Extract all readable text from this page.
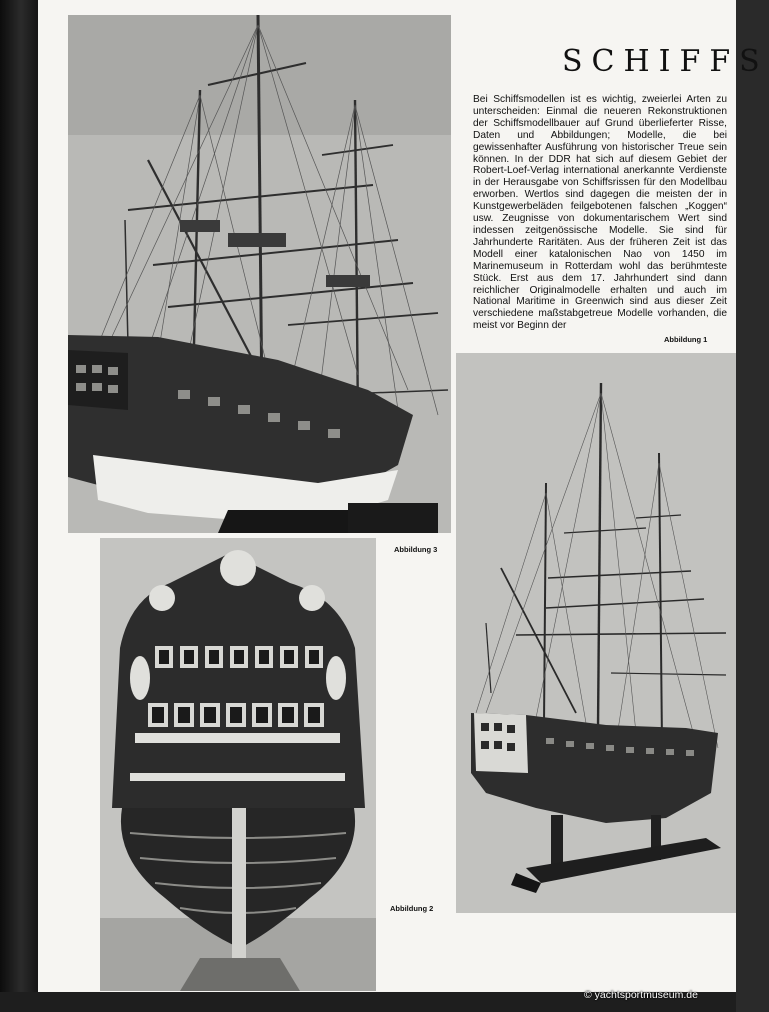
SCHIFFS

Bei Schiffsmodellen ist es wichtig, zweierlei Arten zu unterscheiden: Einmal die neueren Rekonstruktionen der Schiffsmodellbauer auf Grund überlieferter Risse, Daten und Abbildungen; Modelle, die bei gewissenhafter Ausführung von historischer Treue sein können. In der DDR hat sich auf diesem Gebiet der Robert-Loef-Verlag international anerkannte Verdienste in der Herausgabe von Schiffsrissen für den Modellbau erworben. Wertlos sind dagegen die meisten der in Kunstgewerbeläden feilgebotenen falschen „Koggen“ usw. Zeugnisse von dokumentarischem Wert sind indessen zeitgenössische Modelle. Sie sind für Jahrhunderte Raritäten. Aus der früheren Zeit ist das Modell einer katalonischen Nao von 1450 im Marinemuseum in Rotterdam wohl das berühmteste Stück. Erst aus dem 17. Jahrhundert sind dann reichlicher Originalmodelle erhalten und auch im National Maritime in Greenwich sind aus dieser Zeit verschiedene maßstabgetreue Modelle vorhanden, die meist vor Beginn der

Abbildung 1
Abbildung 3
Abbildung 2
© yachtsportmuseum.de
